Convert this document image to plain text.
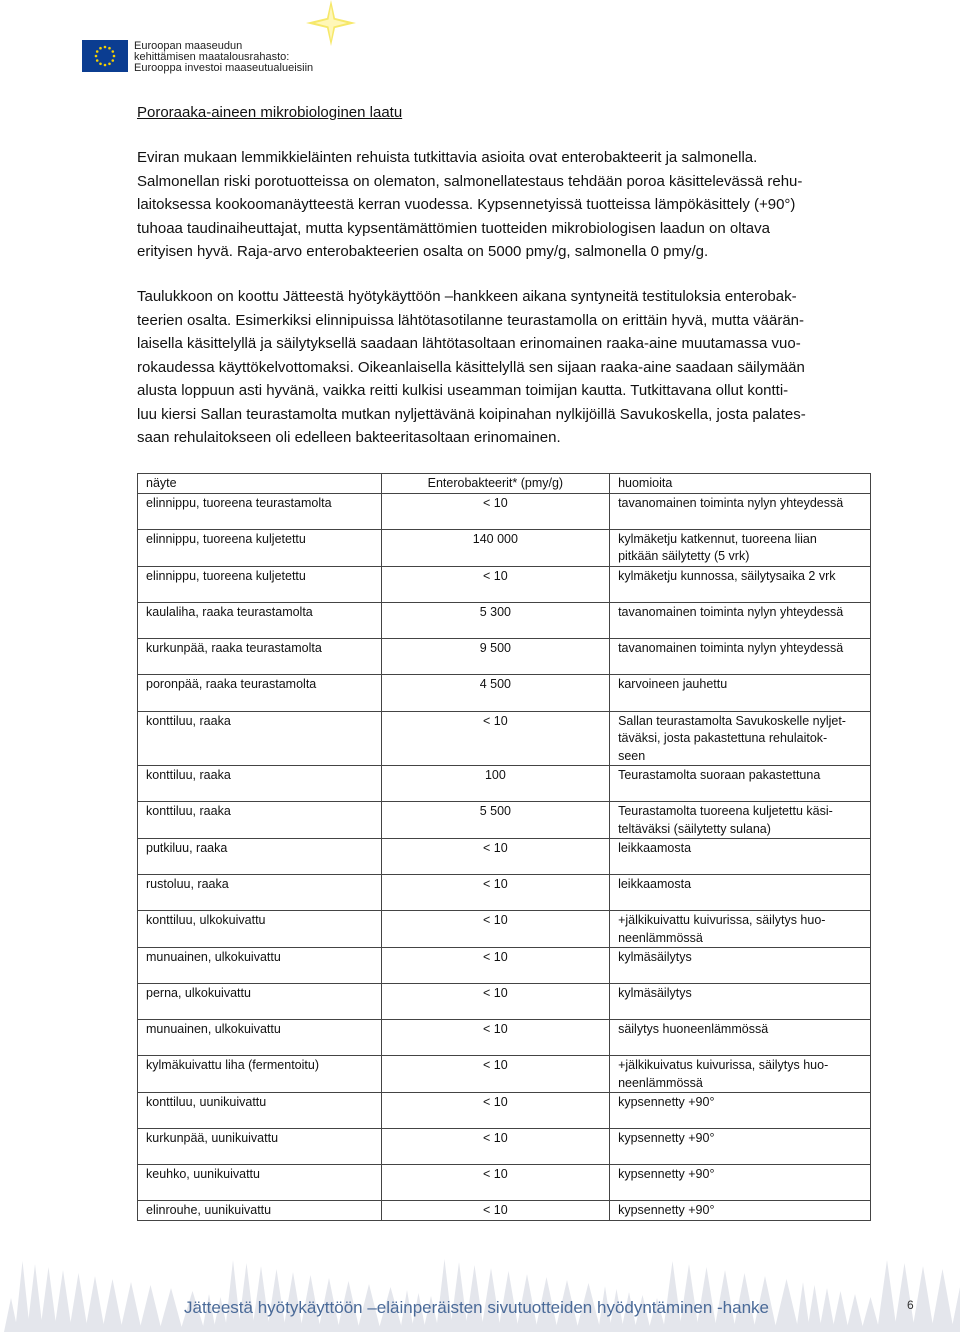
Euroopan maaseudun
kehittämisen maatalousrahasto:
Eurooppa investoi maaseutualueisiin
Pororaaka-aineen mikrobiologinen laatu
Eviran mukaan lemmikkieläinten rehuista tutkittavia asioita ovat enterobakteerit ja salmonella.
Salmonellan riski porotuotteissa on olematon, salmonellatestaus tehdään poroa käsittelevässä rehu-
laitoksessa kookoomanäytteestä kerran vuodessa. Kypsennetyissä tuotteissa lämpökäsittely (+90°)
tuhoaa taudinaiheuttajat, mutta kypsentämättömien tuotteiden mikrobiologisen laadun on oltava
erityisen hyvä. Raja-arvo enterobakteerien osalta on 5000 pmy/g, salmonella 0 pmy/g.
Taulukkoon on koottu Jätteestä hyötykäyttöön –hankkeen aikana syntyneitä testituloksia enterobak-
teerien osalta. Esimerkiksi elinnipuissa lähtötasotilanne teurastamolla on erittäin hyvä, mutta väärän-
laisella käsittelyllä ja säilytyksellä saadaan lähtötasoltaan erinomainen raaka-aine muutamassa vuo-
rokaudessa käyttökelvottomaksi. Oikeanlaisella käsittelyllä sen sijaan raaka-aine saadaan säilymään
alusta loppuun asti hyvänä, vaikka reitti kulkisi useamman toimijan kautta. Tutkittavana ollut kontti-
luu kiersi Sallan teurastamolta mutkan nyljettävänä koipinahan nylkijöillä Savukoskella, josta palates-
saan rehulaitokseen oli edelleen bakteeritasoltaan erinomainen.
näyte	Enterobakteerit* (pmy/g)	huomioita
elinnippu, tuoreena teurastamolta	< 10	tavanomainen toiminta nylyn yhteydessä

elinnippu, tuoreena kuljetettu	140 000	kylmäketju katkennut, tuoreena liian
pitkään säilytetty (5 vrk)

elinnippu, tuoreena kuljetettu	< 10	kylmäketju kunnossa, säilytysaika 2 vrk

kaulaliha, raaka teurastamolta	5 300	tavanomainen toiminta nylyn yhteydessä

kurkunpää, raaka teurastamolta	9 500	tavanomainen toiminta nylyn yhteydessä

poronpää, raaka teurastamolta	4 500	karvoineen jauhettu

konttiluu, raaka	< 10	Sallan teurastamolta Savukoskelle nyljet-
täväksi, josta pakastettuna rehulaitok-
seen

konttiluu, raaka	100	Teurastamolta suoraan pakastettuna

konttiluu, raaka	5 500	Teurastamolta tuoreena kuljetettu käsi-
teltäväksi (säilytetty sulana)

putkiluu, raaka	< 10	leikkaamosta

rustoluu, raaka	< 10	leikkaamosta

konttiluu, ulkokuivattu	< 10	+jälkikuivattu kuivurissa, säilytys huo-
neenlämmössä

munuainen, ulkokuivattu	< 10	kylmäsäilytys

perna, ulkokuivattu	< 10	kylmäsäilytys

munuainen, ulkokuivattu	< 10	säilytys huoneenlämmössä

kylmäkuivattu liha (fermentoitu)	< 10	+jälkikuivatus kuivurissa, säilytys huo-
neenlämmössä

konttiluu, uunikuivattu	< 10	kypsennetty +90°

kurkunpää, uunikuivattu	< 10	kypsennetty +90°

keuhko, uunikuivattu	< 10	kypsennetty +90°

elinrouhe, uunikuivattu	< 10	kypsennetty +90°
Jätteestä hyötykäyttöön –eläinperäisten sivutuotteiden hyödyntäminen -hanke	6
